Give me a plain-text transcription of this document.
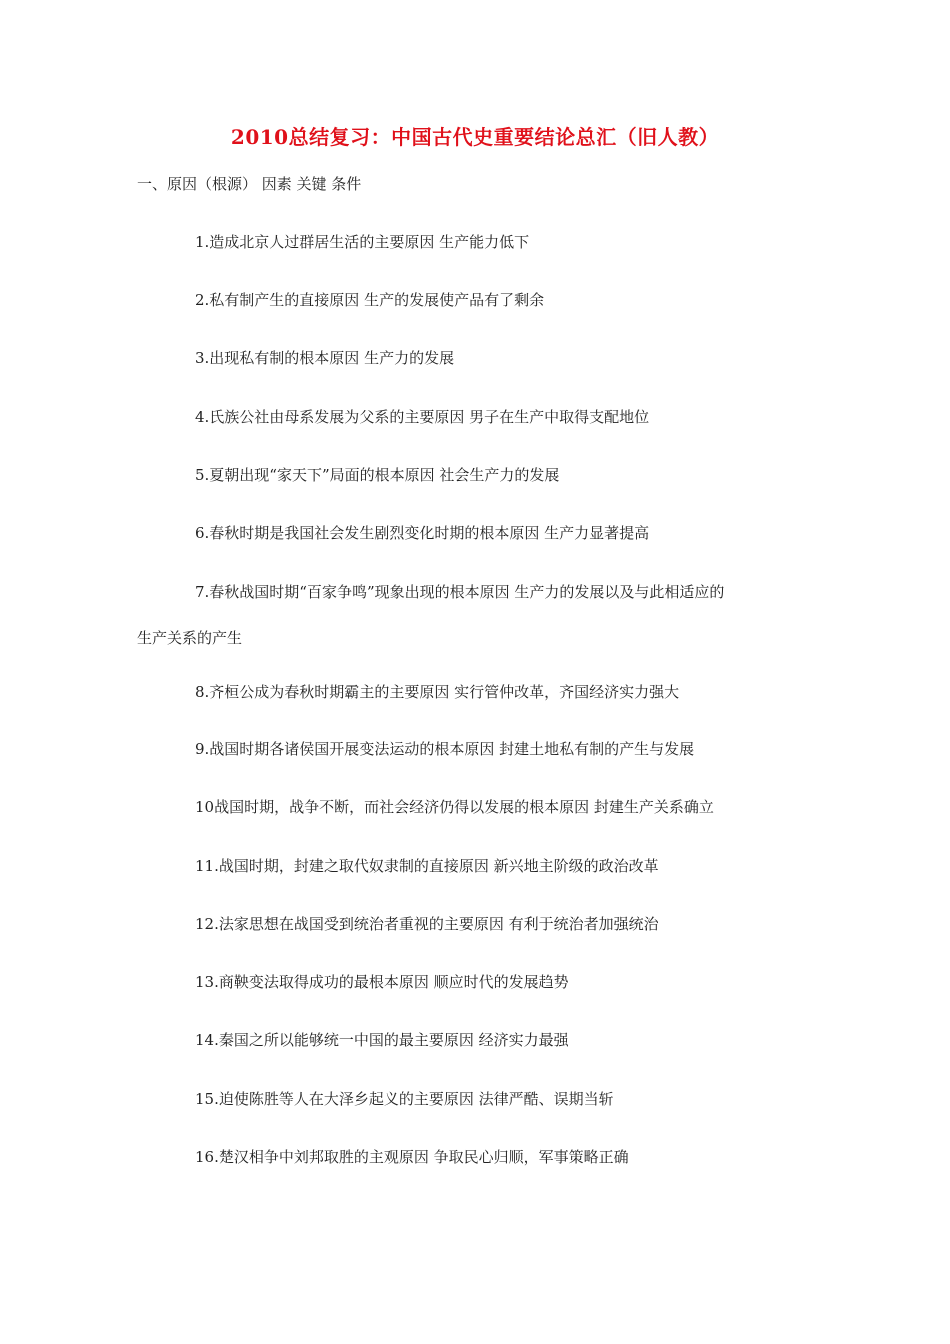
2010总结复习：中国古代史重要结论总汇（旧人教）
一、原因（根源） 因素 关键 条件
1.造成北京人过群居生活的主要原因 生产能力低下
2.私有制产生的直接原因 生产的发展使产品有了剩余
3.出现私有制的根本原因 生产力的发展
4.氏族公社由母系发展为父系的主要原因 男子在生产中取得支配地位
5.夏朝出现“家天下”局面的根本原因 社会生产力的发展
6.春秋时期是我国社会发生剧烈变化时期的根本原因 生产力显著提高
7.春秋战国时期“百家争鸣”现象出现的根本原因 生产力的发展以及与此相适应的
生产关系的产生
8.齐桓公成为春秋时期霸主的主要原因 实行管仲改革，齐国经济实力强大
9.战国时期各诸侯国开展变法运动的根本原因 封建土地私有制的产生与发展
10战国时期，战争不断，而社会经济仍得以发展的根本原因 封建生产关系确立
11.战国时期，封建之取代奴隶制的直接原因 新兴地主阶级的政治改革
12.法家思想在战国受到统治者重视的主要原因 有利于统治者加强统治
13.商鞅变法取得成功的最根本原因 顺应时代的发展趋势
14.秦国之所以能够统一中国的最主要原因 经济实力最强
15.迫使陈胜等人在大泽乡起义的主要原因 法律严酷、误期当斩
16.楚汉相争中刘邦取胜的主观原因 争取民心归顺，军事策略正确
